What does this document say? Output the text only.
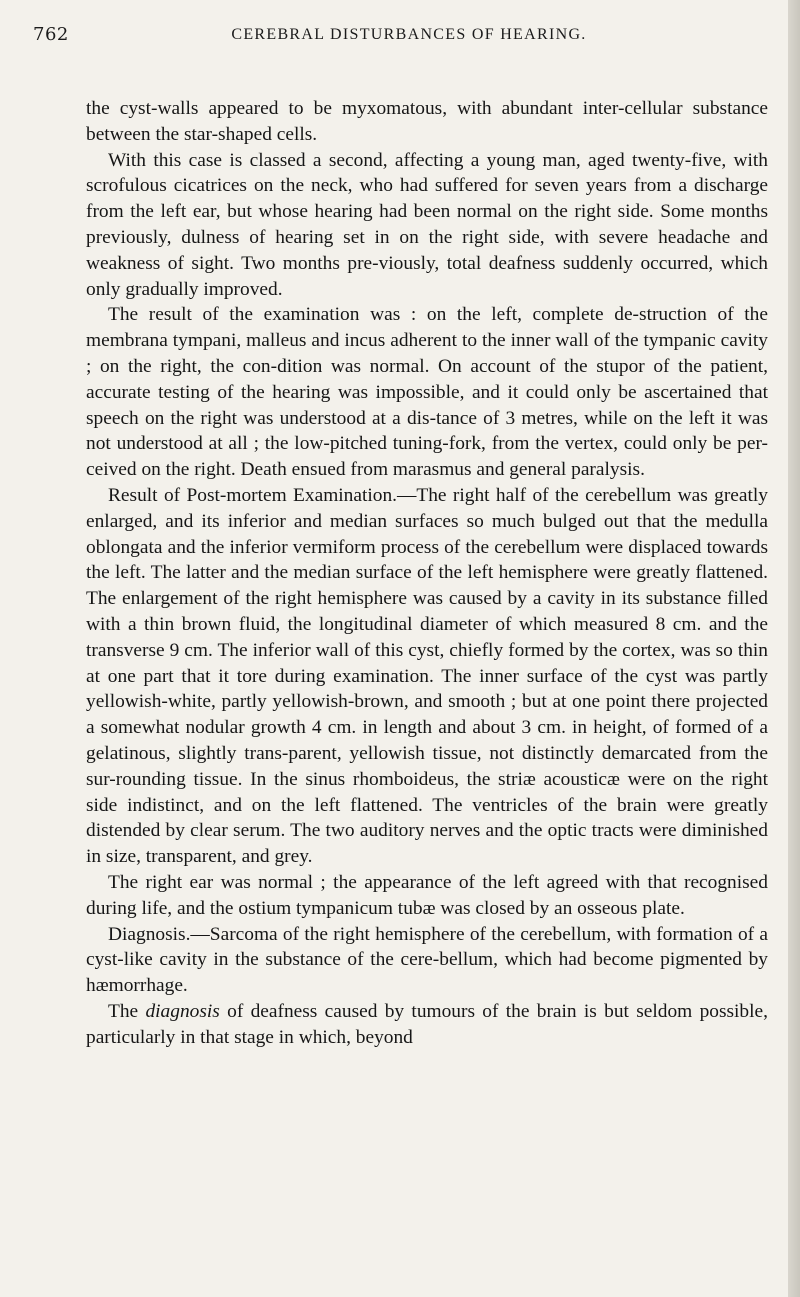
762	CEREBRAL DISTURBANCES OF HEARING.

the cyst-walls appeared to be myxomatous, with abundant inter-cellular substance between the star-shaped cells.

With this case is classed a second, affecting a young man, aged twenty-five, with scrofulous cicatrices on the neck, who had suffered for seven years from a discharge from the left ear, but whose hearing had been normal on the right side. Some months previously, dulness of hearing set in on the right side, with severe headache and weakness of sight. Two months pre-viously, total deafness suddenly occurred, which only gradually improved.

The result of the examination was : on the left, complete de-struction of the membrana tympani, malleus and incus adherent to the inner wall of the tympanic cavity ; on the right, the con-dition was normal. On account of the stupor of the patient, accurate testing of the hearing was impossible, and it could only be ascertained that speech on the right was understood at a dis-tance of 3 metres, while on the left it was not understood at all ; the low-pitched tuning-fork, from the vertex, could only be per-ceived on the right. Death ensued from marasmus and general paralysis.

Result of Post-mortem Examination.—The right half of the cerebellum was greatly enlarged, and its inferior and median surfaces so much bulged out that the medulla oblongata and the inferior vermiform process of the cerebellum were displaced towards the left. The latter and the median surface of the left hemisphere were greatly flattened. The enlargement of the right hemisphere was caused by a cavity in its substance filled with a thin brown fluid, the longitudinal diameter of which measured 8 cm. and the transverse 9 cm. The inferior wall of this cyst, chiefly formed by the cortex, was so thin at one part that it tore during examination. The inner surface of the cyst was partly yellowish-white, partly yellowish-brown, and smooth ; but at one point there projected a somewhat nodular growth 4 cm. in length and about 3 cm. in height, of formed of a gelatinous, slightly trans-parent, yellowish tissue, not distinctly demarcated from the sur-rounding tissue. In the sinus rhomboideus, the striæ acousticæ were on the right side indistinct, and on the left flattened. The ventricles of the brain were greatly distended by clear serum. The two auditory nerves and the optic tracts were diminished in size, transparent, and grey.

The right ear was normal ; the appearance of the left agreed with that recognised during life, and the ostium tympanicum tubæ was closed by an osseous plate.

Diagnosis.—Sarcoma of the right hemisphere of the cerebellum, with formation of a cyst-like cavity in the substance of the cere-bellum, which had become pigmented by hæmorrhage.

The diagnosis of deafness caused by tumours of the brain is but seldom possible, particularly in that stage in which, beyond
